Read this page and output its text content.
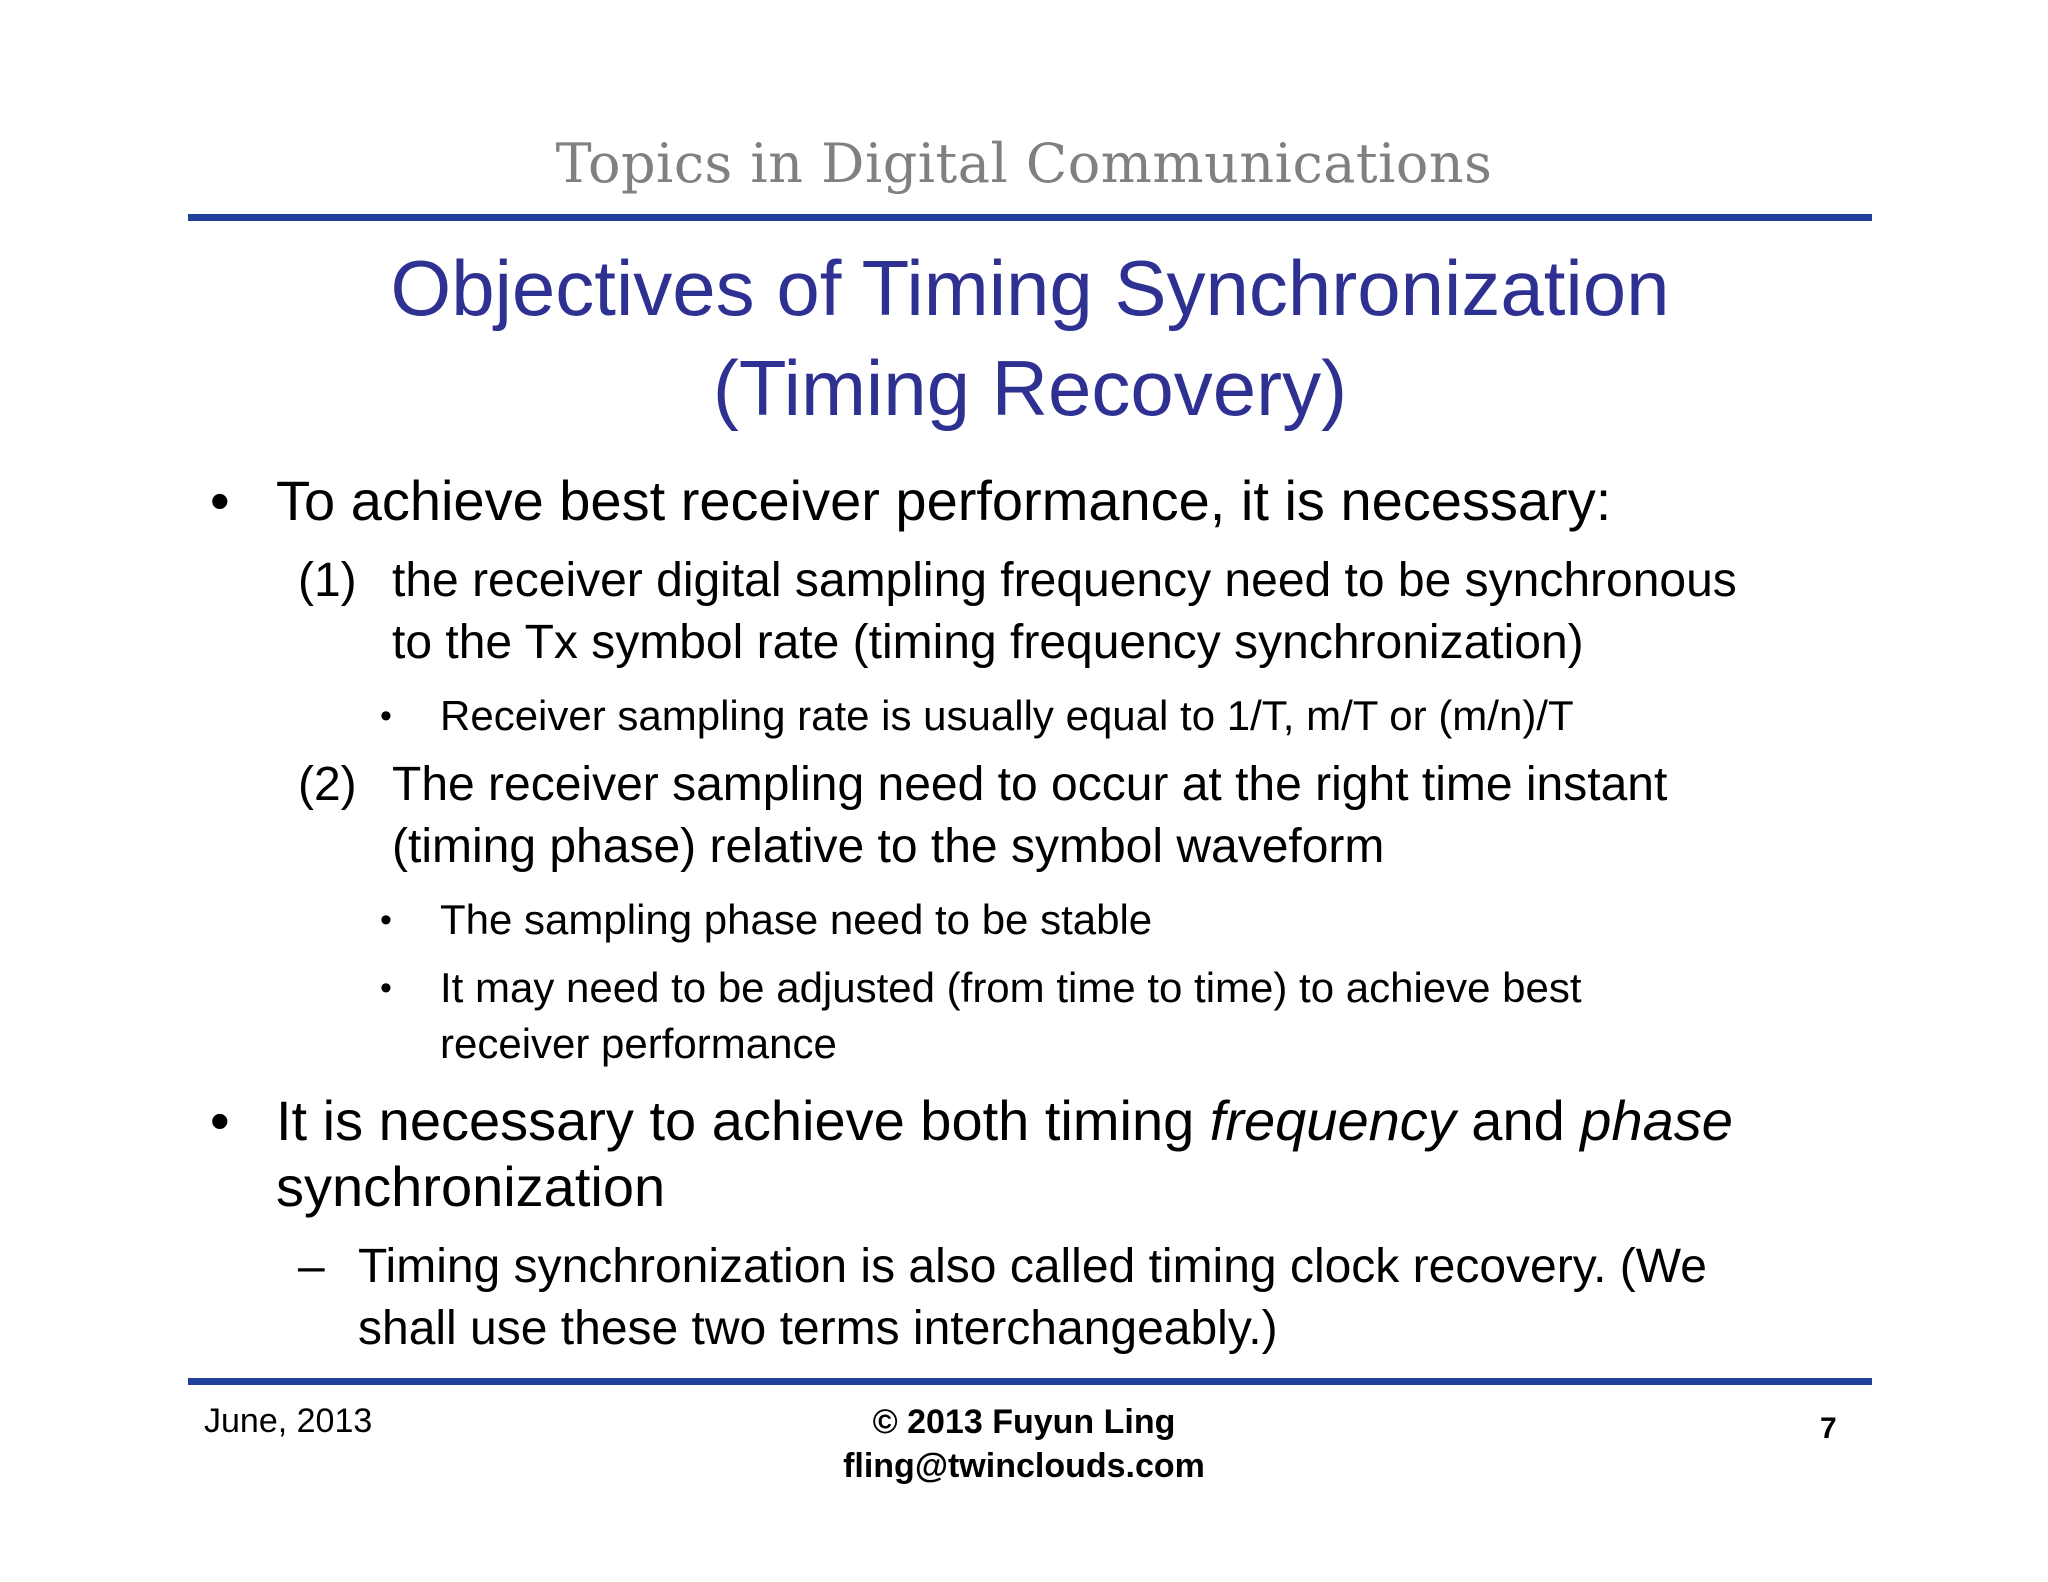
Topics in Digital Communications
Objectives of Timing Synchronization
(Timing Recovery)
• To achieve best receiver performance, it is necessary:
(1) the receiver digital sampling frequency need to be synchronous
to the Tx symbol rate (timing frequency synchronization)
• Receiver sampling rate is usually equal to 1/T, m/T or (m/n)/T
(2) The receiver sampling need to occur at the right time instant
(timing phase) relative to the symbol waveform
• The sampling phase need to be stable
• It may need to be adjusted (from time to time) to achieve best
receiver performance
• It is necessary to achieve both timing frequency and phase
synchronization
– Timing synchronization is also called timing clock recovery. (We
shall use these two terms interchangeably.)
June, 2013	© 2013 Fuyun Ling
fling@twinclouds.com
7
